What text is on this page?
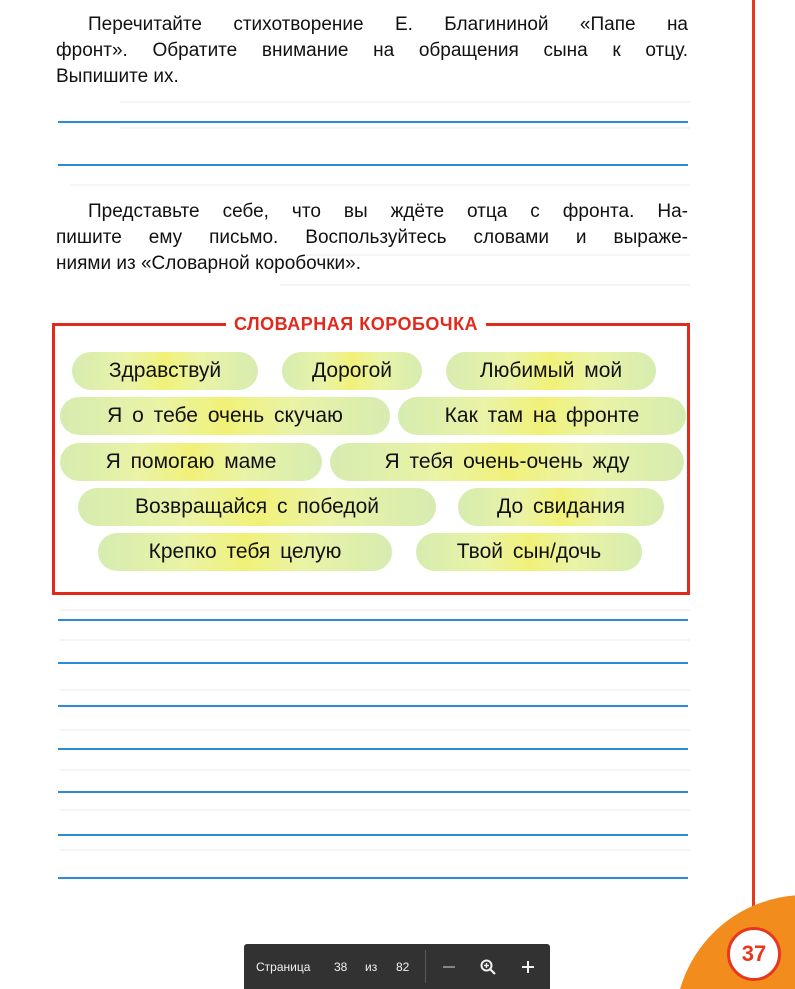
37
Перечитайте стихотворение Е. Благининой «Папе на
фронт». Обратите внимание на обращения сына к отцу.
Выпишите их.
Представьте себе, что вы ждёте отца с фронта. На-
пишите ему письмо. Воспользуйтесь словами и выраже-
ниями из «Словарной коробочки».
СЛОВАРНАЯ КОРОБОЧКА
Здравствуй	Дорогой	Любимый мой
Я о тебе очень скучаю	Как там на фронте
Я помогаю маме	Я тебя очень-очень жду
Возвращайся с победой	До свидания
Крепко тебя целую	Твой сын/дочь
Страница 38 из 82
